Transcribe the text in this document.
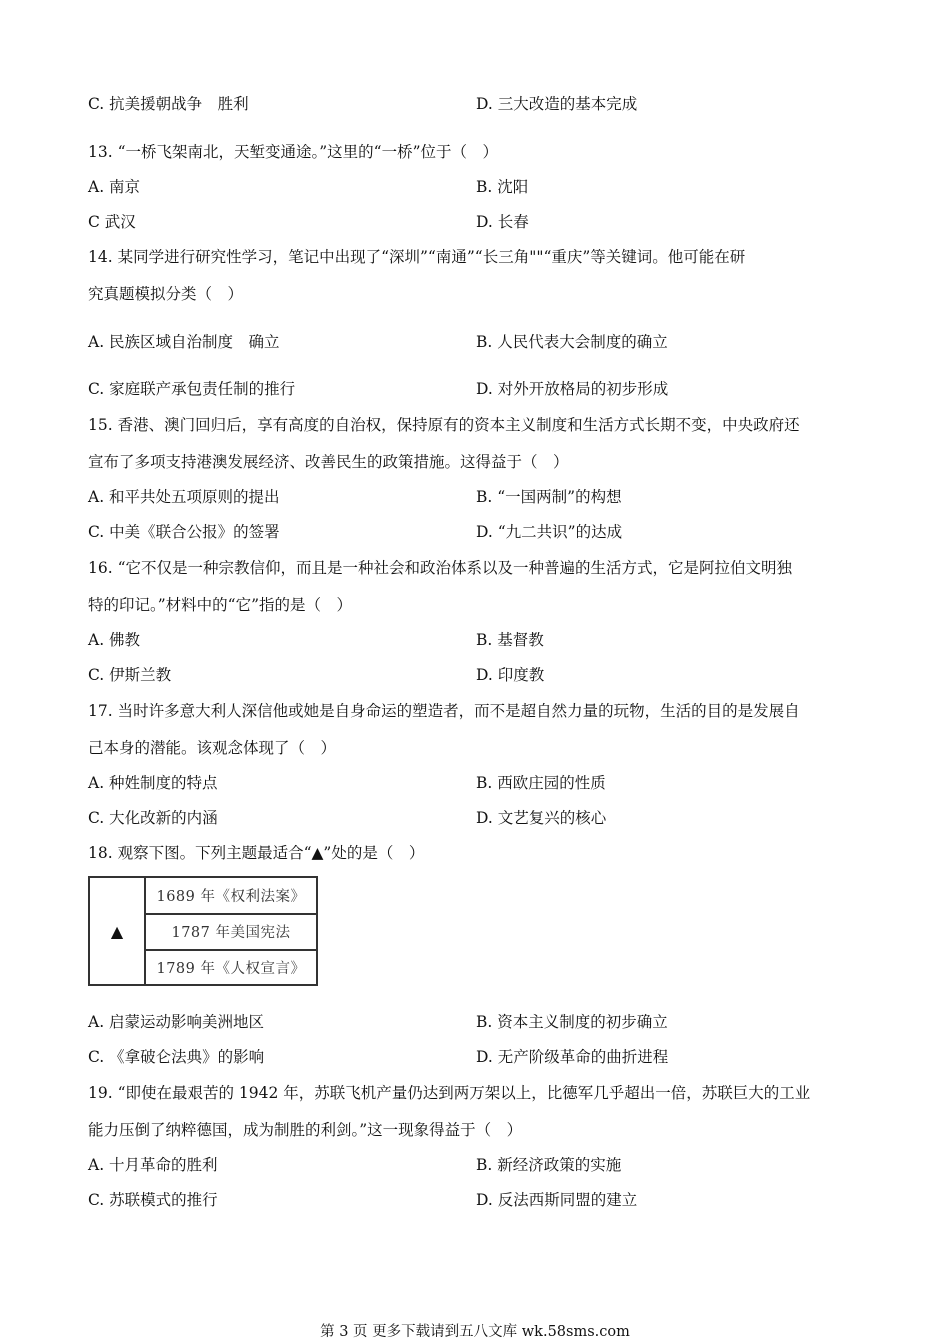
C. 抗美援朝战争　胜利	D. 三大改造的基本完成
13. “一桥飞架南北，天堑变通途。”这里的“一桥”位于（　）
A. 南京	B. 沈阳
C 武汉	D. 长春
14. 某同学进行研究性学习，笔记中出现了“深圳”“南通”“长三角""“重庆”等关键词。他可能在研
究真题模拟分类（　）
A. 民族区域自治制度　确立	B. 人民代表大会制度的确立
C. 家庭联产承包责任制的推行	D. 对外开放格局的初步形成
15. 香港、澳门回归后，享有高度的自治权，保持原有的资本主义制度和生活方式长期不变，中央政府还
宣布了多项支持港澳发展经济、改善民生的政策措施。这得益于（　）
A. 和平共处五项原则的提出	B. “一国两制”的构想
C. 中美《联合公报》的签署	D. “九二共识”的达成
16. “它不仅是一种宗教信仰，而且是一种社会和政治体系以及一种普遍的生活方式，它是阿拉伯文明独
特的印记。”材料中的“它”指的是（　）
A. 佛教	B. 基督教
C. 伊斯兰教	D. 印度教
17. 当时许多意大利人深信他或她是自身命运的塑造者，而不是超自然力量的玩物，生活的目的是发展自
己本身的潜能。该观念体现了（　）
A. 种姓制度的特点	B. 西欧庄园的性质
C. 大化改新的内涵	D. 文艺复兴的核心
18. 观察下图。下列主题最适合“▲”处的是（　）
▲
1689 年《权利法案》
1787 年美国宪法
1789 年《人权宣言》
A. 启蒙运动影响美洲地区	B. 资本主义制度的初步确立
C. 《拿破仑法典》的影响	D. 无产阶级革命的曲折进程
19. “即使在最艰苦的 1942 年，苏联飞机产量仍达到两万架以上，比德军几乎超出一倍，苏联巨大的工业
能力压倒了纳粹德国，成为制胜的利剑。”这一现象得益于（　）
A. 十月革命的胜利	B. 新经济政策的实施
C. 苏联模式的推行	D. 反法西斯同盟的建立
第 3 页 更多下载请到五八文库 wk.58sms.com
